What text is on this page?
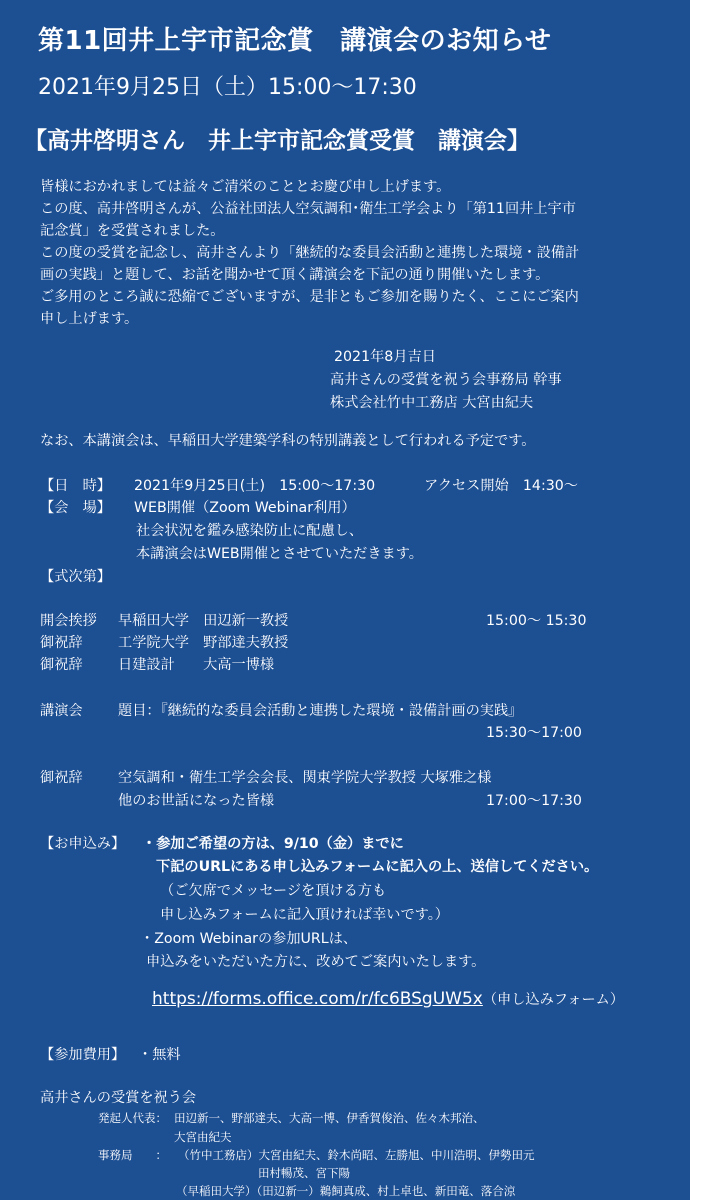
第11回井上宇市記念賞　講演会のお知らせ
2021年9月25日（土）15:00～17:30
【高井啓明さん　井上宇市記念賞受賞　講演会】
皆様におかれましては益々ご清栄のこととお慶び申し上げます。
この度、高井啓明さんが、公益社団法人空気調和･衛生工学会より「第11回井上宇市
記念賞」を受賞されました。
この度の受賞を記念し、高井さんより「継続的な委員会活動と連携した環境・設備計
画の実践」と題して、お話を聞かせて頂く講演会を下記の通り開催いたします。
ご多用のところ誠に恐縮でございますが、是非ともご参加を賜りたく、ここにご案内
申し上げます。
2021年8月吉日
高井さんの受賞を祝う会事務局 幹事
株式会社竹中工務店 大宮由紀夫
なお、本講演会は、早稲田大学建築学科の特別講義として行われる予定です。
【日　時】 2021年9月25日(土)　15:00～17:30	アクセス開始　14:30～
【会　場】 WEB開催（Zoom Webinar利用）
社会状況を鑑み感染防止に配慮し、
本講演会はWEB開催とさせていただきます。
【式次第】
開会挨拶 早稲田大学　田辺新一教授	15:00～ 15:30
御祝辞 工学院大学　野部達夫教授
御祝辞 日建設計　　大高一博様
講演会 題目：『継続的な委員会活動と連携した環境・設備計画の実践』
15:30～17:00
御祝辞 空気調和・衛生工学会会長、関東学院大学教授 大塚雅之様
他のお世話になった皆様	17:00～17:30
【お申込み】 ・参加ご希望の方は、9/10（金）までに
下記のURLにある申し込みフォームに記入の上、送信してください。
（ご欠席でメッセージを頂ける方も
申し込みフォームに記入頂ければ幸いです。）
・Zoom Webinarの参加URLは、
申込みをいただいた方に、改めてご案内いたします。
https://forms.office.com/r/fc6BSgUW5x（申し込みフォーム）
【参加費用】 ・無料
高井さんの受賞を祝う会
発起人代表： 田辺新一、野部達夫、大高一博、伊香賀俊治、佐々木邦治、
大宮由紀夫
事務局　　： （竹中工務店）大宮由紀夫、鈴木尚昭、左勝旭、中川浩明、伊勢田元
田村暢茂、宮下陽
（早稲田大学）（田辺新一）鵜飼真成、村上卓也、新田竜、落合涼
